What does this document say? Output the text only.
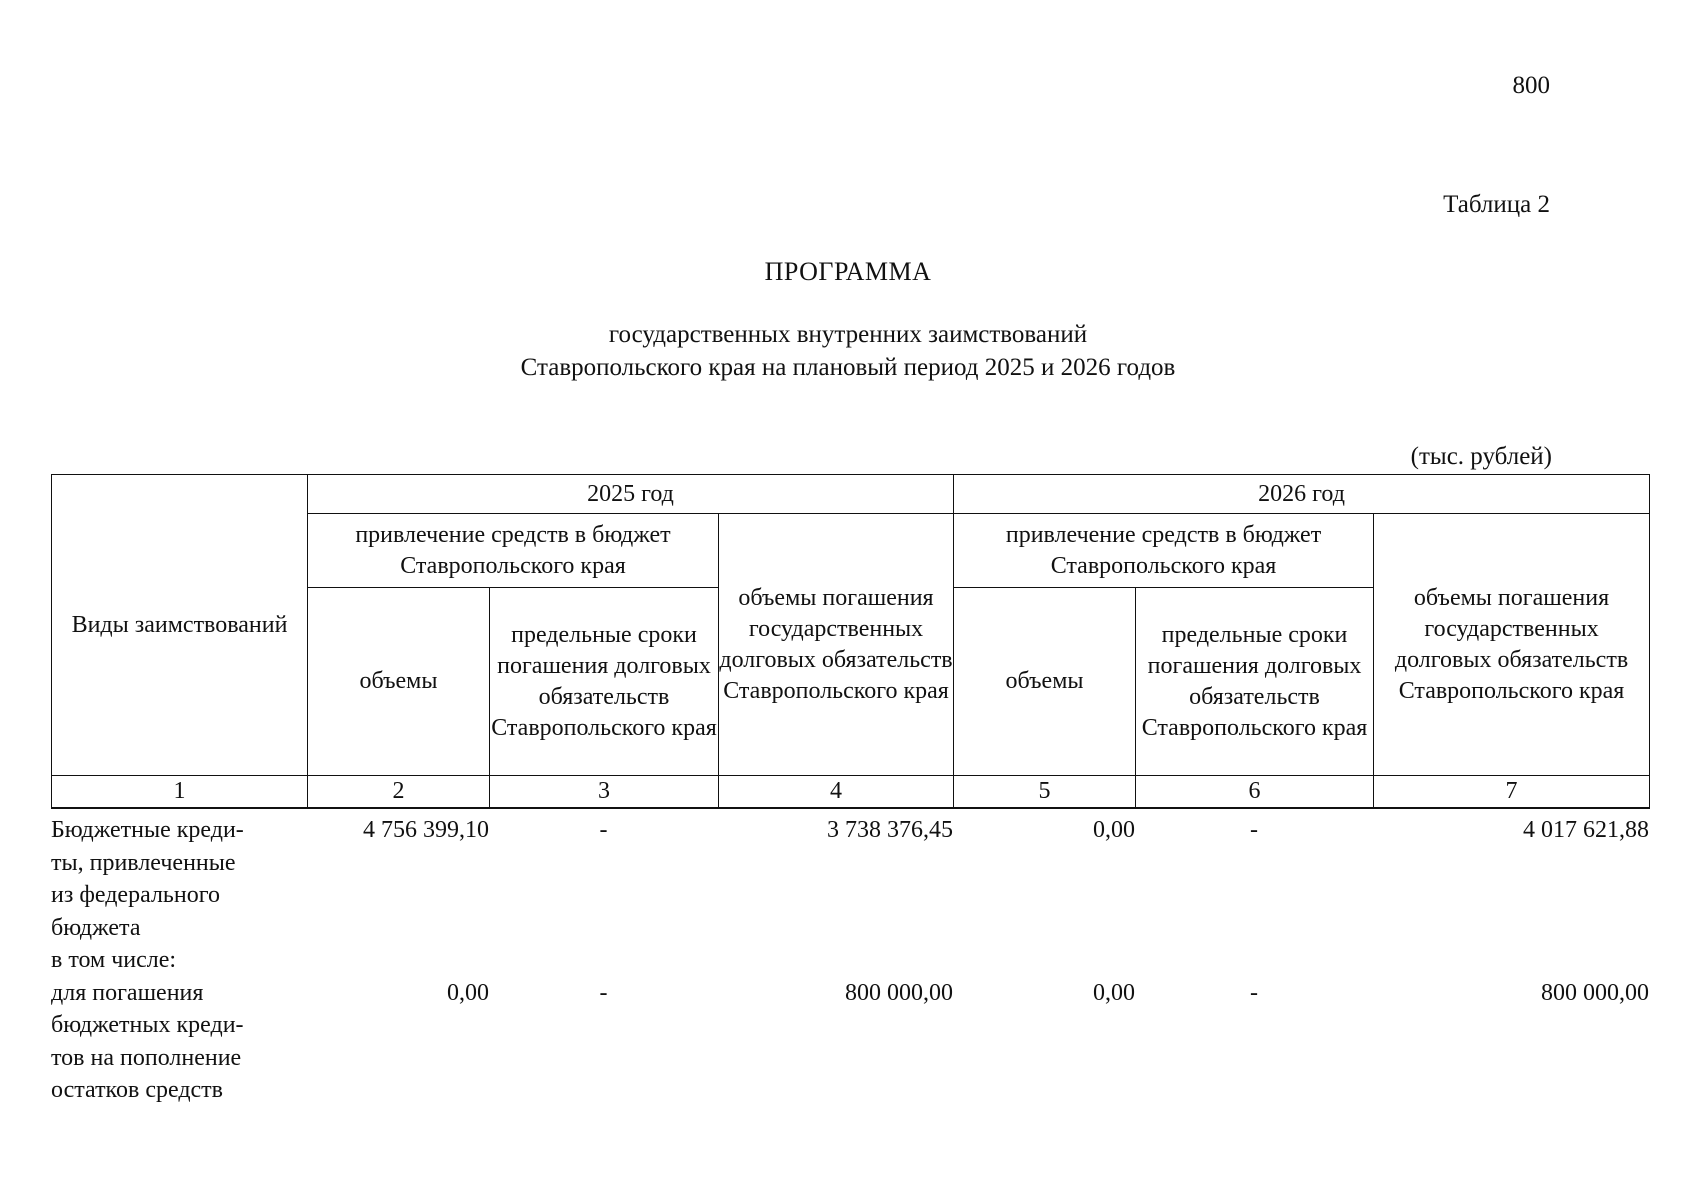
800
Таблица 2
ПРОГРАММА
государственных внутренних заимствований
Ставропольского края на плановый период 2025 и 2026 годов
(тыс. рублей)
Виды заимствований	2025 год			2026 год		
	привлечение средств в бюджет Ставропольского края		объемы погашения государственных долговых обязательств Ставропольского края	привлечение средств в бюджет Ставропольского края		объемы погашения государственных долговых обязательств Ставропольского края
	объемы	предельные сроки погашения долговых обязательств Ставропольского края		объемы	предельные сроки погашения долговых обязательств Ставропольского края	
1	2	3	4	5	6	7
Бюджетные креди-
ты, привлеченные
из федерального
бюджета
в том числе:	4 756 399,10	-	3 738 376,45	0,00	-	4 017 621,88

для погашения
бюджетных креди-
тов на пополнение
остатков средств	0,00	-	800 000,00	0,00	-	800 000,00
